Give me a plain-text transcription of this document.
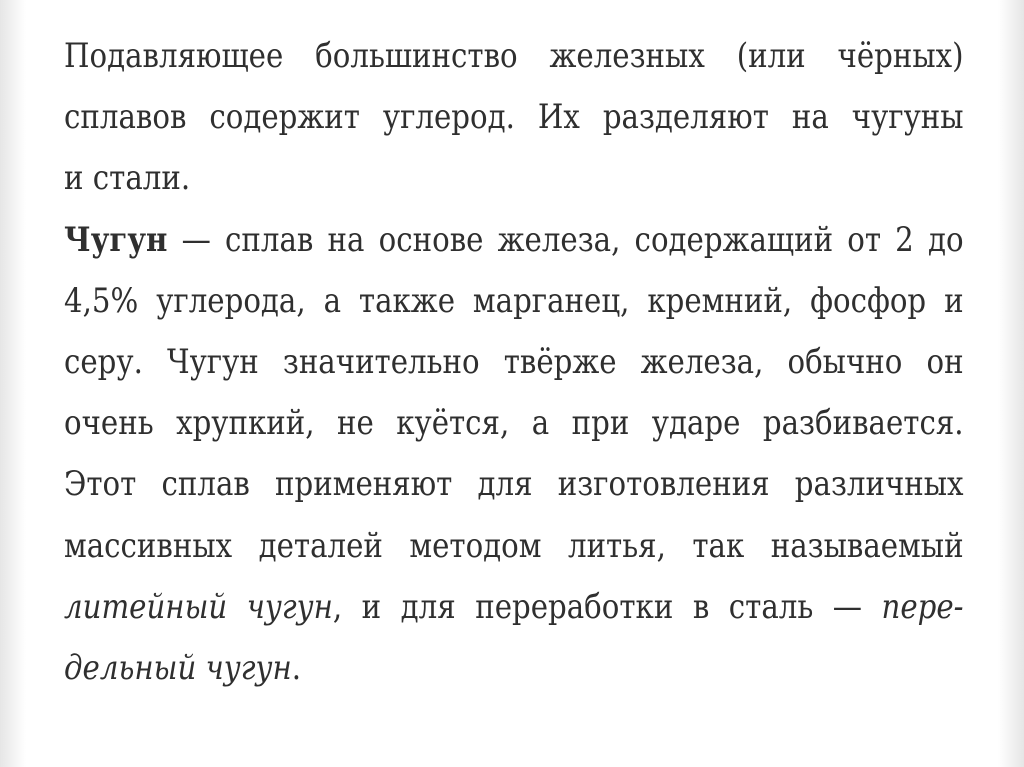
Подавляющее большинство железных (или чёрных)
сплавов содержит углерод. Их разделяют на чугуны
и стали.
Чугун — сплав на основе железа, содержащий от 2 до
4,5% углерода, а также марганец, кремний, фосфор и
серу. Чугун значительно твёрже железа, обычно он
очень хрупкий, не куётся, а при ударе разбивается.
Этот сплав применяют для изготовления различных
массивных деталей методом литья, так называемый
литейный чугун, и для переработки в сталь — пере-
дельный чугун.
